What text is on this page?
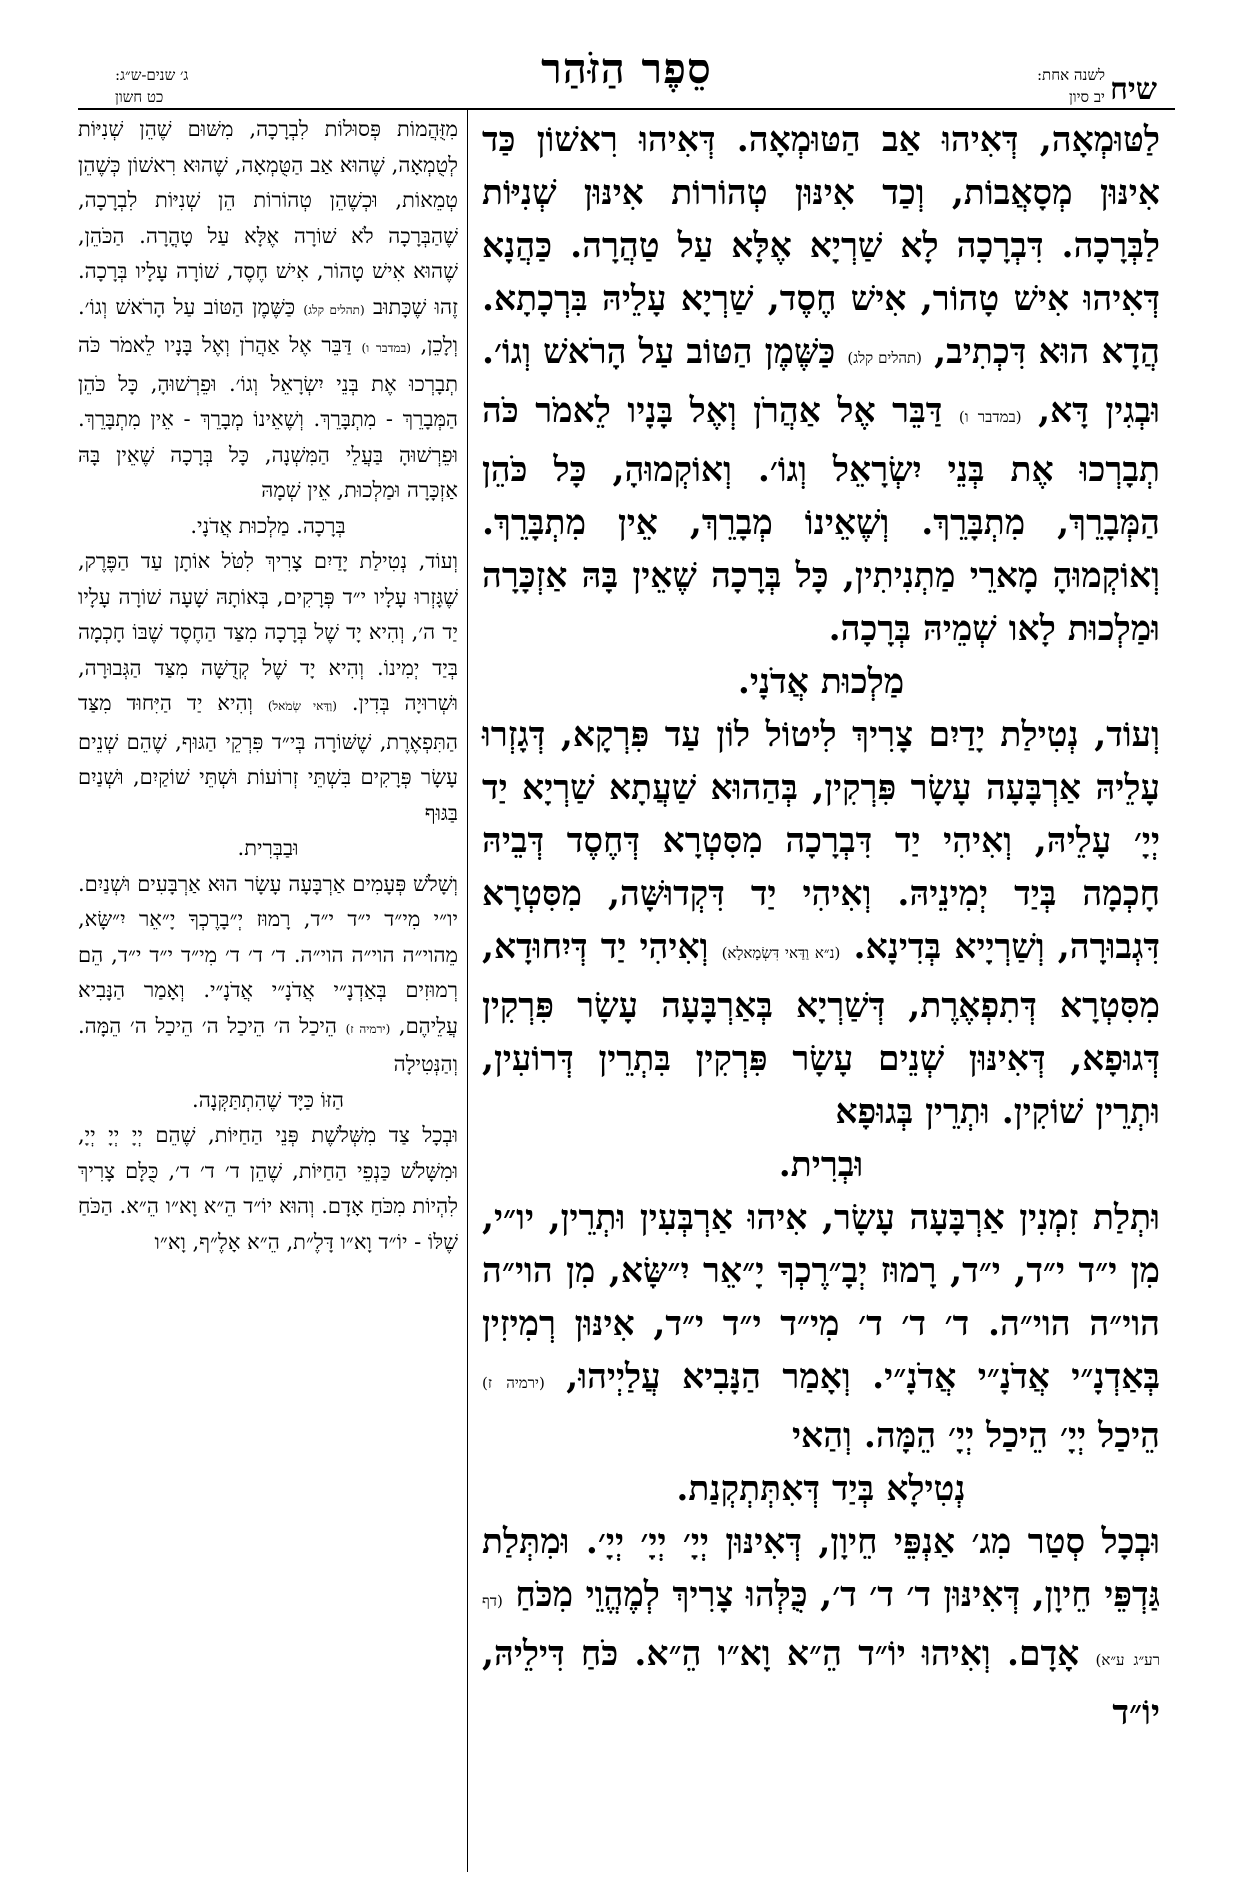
שיח
לשנה אחת:
יב סיון
סֵפֶר הַזֹּהַר
ג׳ שנים-ש״ג:
כט חשון

לַטּוּמְאָה, דְּאִיהוּ אַב הַטּוּמְאָה. דְּאִיהוּ רִאשׁוֹן כַּד אִינּוּן מְסָאֲבוֹת, וְכַד אִינּוּן טְהוֹרוֹת אִינּוּן שְׁנִיּוֹת לַבְּרָכָה. דִּבְרָכָה לָא שַׁרְיָא אֶלָּא עַל טַהֲרָה. כַּהֲנָא דְּאִיהוּ אִישׁ טָהוֹר, אִישׁ חֶסֶד, שַׁרְיָא עָלֵיהּ בִּרְכָתָא. הֲדָא הוּא דִּכְתִיב, (תהלים קלג) כַּשֶּׁמֶן הַטּוֹב עַל הָרֹאשׁ וְגוֹ׳. וּבְגִין דָּא, (במדבר ו) דַּבֵּר אֶל אַהֲרֹן וְאֶל בָּנָיו לֵאמֹר כֹּה תְבָרְכוּ אֶת בְּנֵי יִשְׂרָאֵל וְגוֹ׳. וְאוֹקְמוּהָ, כָּל כֹּהֵן הַמְּבָרֵךְ, מִתְבָּרֵךְ. וְשֶׁאֵינוֹ מְבָרֵךְ, אֵין מִתְבָּרֵךְ. וְאוֹקְמוּהָ מָארֵי מַתְנִיתִין, כָּל בְּרָכָה שֶׁאֵין בָּהּ אַזְכָּרָה וּמַלְכוּת לָאו שְׁמֵיהּ בְּרָכָה.

מַלְכוּת אֲדֹנָי.

וְעוֹד, נְטִילַת יָדַיִם צָרִיךְ לִיטוֹל לוֹן עַד פִּרְקָא, דְּגָזְרוּ עָלֵיהּ אַרְבָּעָה עָשָׂר פִּרְקִין, בְּהַהוּא שַׁעֲתָא שַׁרְיָא יַד יְיָ׳ עָלֵיהּ, וְאִיהִי יַד דִּבְרָכָה מִסִּטְרָא דְּחֶסֶד דְּבֵיהּ חָכְמָה בְּיַד יְמִינֵיהּ. וְאִיהִי יַד דִּקְדוּשָּׁה, מִסִּטְרָא דִּגְבוּרָה, וְשַׁרְיָיא בְּדִינָא. (נ״א וַדַּאי דִּשְׂמָאלָא) וְאִיהִי יַד דְּיִחוּדָא, מִסִּטְרָא דְּתִפְאֶרֶת, דְּשַׁרְיָא בְּאַרְבָּעָה עָשָׂר פִּרְקִין דְּגוּפָא, דְּאִינּוּן שְׁנֵים עָשָׂר פִּרְקִין בִּתְרֵין דְּרוֹעִין, וּתְרֵין שׁוֹקִין. וּתְרֵין בְּגוּפָא

וּבְרִית.

וּתְלַת זִמְנִין אַרְבָּעָה עָשָׂר, אִיהוּ אַרְבְּעִין וּתְרֵין, יו״י, מִן י״ד י״ד, י״ד, רָמוּז יְבָ״רֶכְךָ יָ״אֵר יִ״שָּׂא, מִן הוי״ה הוי״ה הוי״ה. ד׳ ד׳ ד׳ מִי״ד י״ד י״ד, אִינּוּן רְמִיזִין בְּאַדְנָ״י אֲדֹנָ״י אֲדֹנָ״י. וְאָמַר הַנָּבִיא עֲלַיְיהוּ, (ירמיה ז) הֵיכַל יְיָ׳ הֵיכַל יְיָ׳ הֵמָּה. וְהַאי

נְטִילָא בְּיַד דְּאִתְּתְקְנַת.

וּבְכָל סְטַר מִג׳ אַנְפֵּי חֵיוָן, דְּאִינּוּן יְיָ׳ יְיָ׳ יְיָ׳. וּמִתְּלַת גַּדְפֵּי חֵיוָן, דְּאִינּוּן ד׳ ד׳ ד׳, כֻּלְּהוּ צָרִיךְ לְמֶהֱוֵי מִכֹּחַ (דף רע״ג ע״א) אָדָם. וְאִיהוּ יוֹ״ד הֵ״א וָא״ו הֵ״א. כֹּחַ דִּילֵיהּ, יוֹ״ד

מִזֻּהֲמוֹת פְּסוּלוֹת לִבְרָכָה, מִשּׁוּם שֶׁהֵן שְׁנִיּוֹת לְטֻמְאָה, שֶׁהוּא אַב הַטֻּמְאָה, שֶׁהוּא רִאשׁוֹן כְּשֶׁהֵן טְמֵאוֹת, וּכְשֶׁהֵן טְהוֹרוֹת הֵן שְׁנִיּוֹת לִבְרָכָה, שֶׁהַבְּרָכָה לֹא שׁוֹרָה אֶלָּא עַל טָהֳרָה. הַכֹּהֵן, שֶׁהוּא אִישׁ טָהוֹר, אִישׁ חֶסֶד, שׁוֹרָה עָלָיו בְּרָכָה. זֶהוּ שֶׁכָּתוּב (תהלים קלג) כַּשֶּׁמֶן הַטּוֹב עַל הָרֹאשׁ וְגוֹ׳. וְלָכֵן, (במדבר ו) דַּבֵּר אֶל אַהֲרֹן וְאֶל בָּנָיו לֵאמֹר כֹּה תְבָרְכוּ אֶת בְּנֵי יִשְׂרָאֵל וְגוֹ׳. וּפֵרְשׁוּהָ, כָּל כֹּהֵן הַמְּבָרֵךְ - מִתְבָּרֵךְ. וְשֶׁאֵינוֹ מְבָרֵךְ - אֵין מִתְבָּרֵךְ. וּפֵרְשׁוּהָ בַּעֲלֵי הַמִּשְׁנָה, כָּל בְּרָכָה שֶׁאֵין בָּהּ אַזְכָּרָה וּמַלְכוּת, אֵין שְׁמָהּ

בְּרָכָה. מַלְכוּת אֲדֹנָי.

וְעוֹד, נְטִילַת יָדַיִם צָרִיךְ לִטֹּל אוֹתָן עַד הַפֶּרֶק, שֶׁגָּזְרוּ עָלָיו י״ד פְּרָקִים, בְּאוֹתָהּ שָׁעָה שׁוֹרָה עָלָיו יַד ה׳, וְהִיא יָד שֶׁל בְּרָכָה מִצַּד הַחֶסֶד שֶׁבּוֹ חָכְמָה בְּיַד יְמִינוֹ. וְהִיא יָד שֶׁל קְדֻשָּׁה מִצַּד הַגְּבוּרָה, וּשְׁרוּיָה בְּדִין. (וַדַּאי שְׂמֹאל) וְהִיא יַד הַיִּחוּד מִצַּד הַתִּפְאֶרֶת, שֶׁשּׁוֹרָה בְּי״ד פִּרְקֵי הַגּוּף, שֶׁהֵם שְׁנֵים עָשָׂר פְּרָקִים בִּשְׁתֵּי זְרוֹעוֹת וּשְׁתֵּי שׁוֹקַיִם, וּשְׁנַיִם בַּגּוּף

וּבַבְּרִית.

וְשָׁלֹשׁ פְּעָמִים אַרְבָּעָה עָשָׂר הוּא אַרְבָּעִים וּשְׁנַיִם. יו״י מִי״ד י״ד י״ד, רָמוּז יְ״בָרֶכְךָ יָ״אֵר יִ״שָּׂא, מֵהוי״ה הוי״ה הוי״ה. ד׳ ד׳ ד׳ מִי״ד י״ד י״ד, הֵם רְמוּזִים בְּאַדְנָ״י אֲדֹנָ״י אֲדֹנָ״י. וְאָמַר הַנָּבִיא עֲלֵיהֶם, (ירמיה ז) הֵיכַל ה׳ הֵיכַל ה׳ הֵיכַל ה׳ הֵמָּה. וְהַנְּטִילָה

הַזּוֹ כַּיָּד שֶׁהִתְתַּקְּנָה.

וּבְכָל צַד מִשְּׁלֹשֶׁת פְּנֵי הַחַיּוֹת, שֶׁהֵם יְיָ יְיָ יְיָ, וּמִשָּׁלֹשׁ כַּנְפֵי הַחַיּוֹת, שֶׁהֵן ד׳ ד׳ ד׳, כֻּלָּם צָרִיךְ לִהְיוֹת מִכֹּחַ אָדָם. וְהוּא יוֹ״ד הֵ״א וָא״ו הֵ״א. הַכֹּחַ שֶׁלּוֹ - יוֹ״ד וָא״ו דָּלֶ״ת, הֵ״א אָלֶ״ף, וָא״ו
